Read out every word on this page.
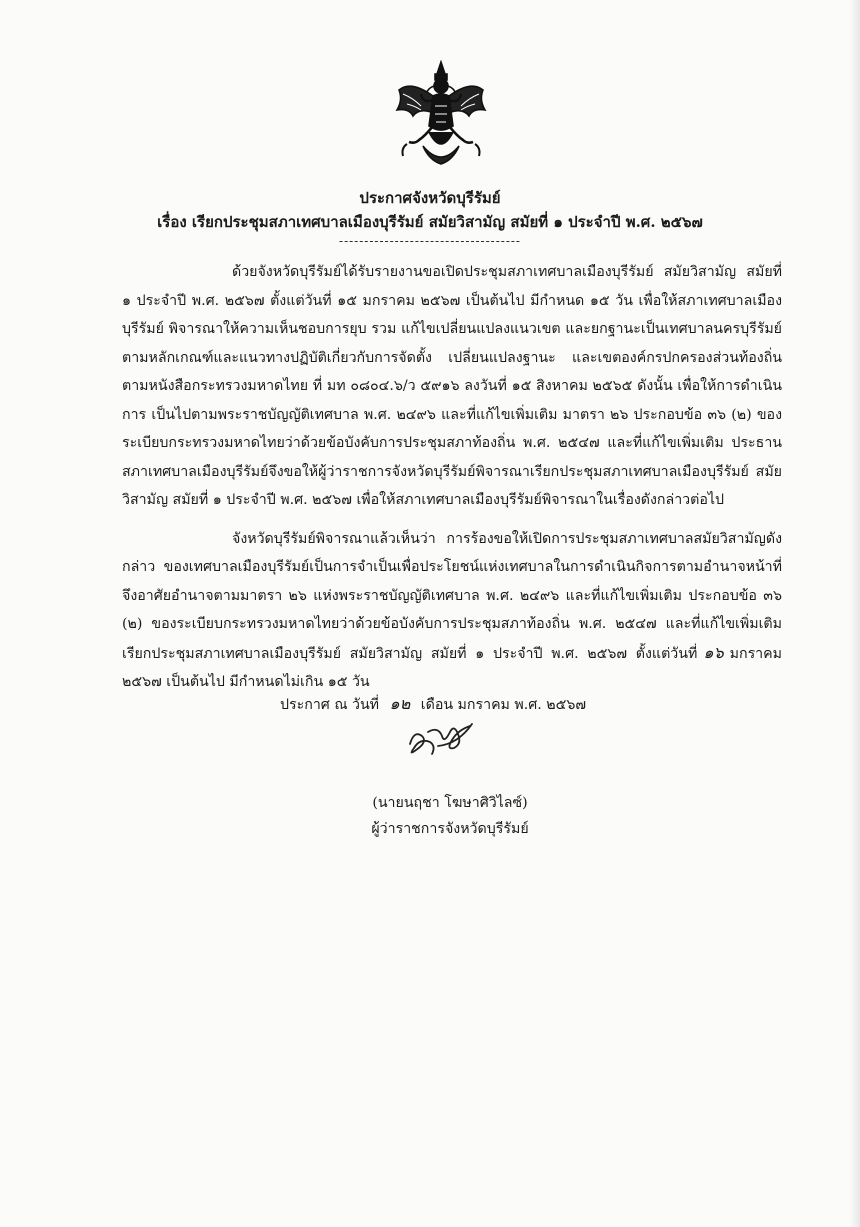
ประกาศจังหวัดบุรีรัมย์
เรื่อง เรียกประชุมสภาเทศบาลเมืองบุรีรัมย์ สมัยวิสามัญ สมัยที่ ๑ ประจำปี พ.ศ. ๒๕๖๗
------------------------------------

ด้วยจังหวัดบุรีรัมย์ได้รับรายงานขอเปิดประชุมสภาเทศบาลเมืองบุรีรัมย์ สมัยวิสามัญ สมัยที่ ๑ ประจำปี พ.ศ. ๒๕๖๗ ตั้งแต่วันที่ ๑๕ มกราคม ๒๕๖๗ เป็นต้นไป มีกำหนด ๑๕ วัน เพื่อให้สภาเทศบาลเมืองบุรีรัมย์ พิจารณาให้ความเห็นชอบการยุบ รวม แก้ไขเปลี่ยนแปลงแนวเขต และยกฐานะเป็นเทศบาลนครบุรีรัมย์ ตามหลักเกณฑ์และแนวทางปฏิบัติเกี่ยวกับการจัดตั้ง เปลี่ยนแปลงฐานะ และเขตองค์กรปกครองส่วนท้องถิ่น ตามหนังสือกระทรวงมหาดไทย ที่ มท ๐๘๐๔.๖/ว ๕๙๑๖ ลงวันที่ ๑๕ สิงหาคม ๒๕๖๕ ดังนั้น เพื่อให้การดำเนินการ เป็นไปตามพระราชบัญญัติเทศบาล พ.ศ. ๒๔๙๖ และที่แก้ไขเพิ่มเติม มาตรา ๒๖ ประกอบข้อ ๓๖ (๒) ของระเบียบกระทรวงมหาดไทยว่าด้วยข้อบังคับการประชุมสภาท้องถิ่น พ.ศ. ๒๕๔๗ และที่แก้ไขเพิ่มเติม ประธานสภาเทศบาลเมืองบุรีรัมย์จึงขอให้ผู้ว่าราชการจังหวัดบุรีรัมย์พิจารณาเรียกประชุมสภาเทศบาลเมืองบุรีรัมย์ สมัยวิสามัญ สมัยที่ ๑ ประจำปี พ.ศ. ๒๕๖๗ เพื่อให้สภาเทศบาลเมืองบุรีรัมย์พิจารณาในเรื่องดังกล่าวต่อไป

จังหวัดบุรีรัมย์พิจารณาแล้วเห็นว่า การร้องขอให้เปิดการประชุมสภาเทศบาลสมัยวิสามัญดังกล่าว ของเทศบาลเมืองบุรีรัมย์เป็นการจำเป็นเพื่อประโยชน์แห่งเทศบาลในการดำเนินกิจการตามอำนาจหน้าที่ จึงอาศัยอำนาจตามมาตรา ๒๖ แห่งพระราชบัญญัติเทศบาล พ.ศ. ๒๔๙๖ และที่แก้ไขเพิ่มเติม ประกอบข้อ ๓๖ (๒) ของระเบียบกระทรวงมหาดไทยว่าด้วยข้อบังคับการประชุมสภาท้องถิ่น พ.ศ. ๒๕๔๗ และที่แก้ไขเพิ่มเติม เรียกประชุมสภาเทศบาลเมืองบุรีรัมย์ สมัยวิสามัญ สมัยที่ ๑ ประจำปี พ.ศ. ๒๕๖๗ ตั้งแต่วันที่ ๑๖ มกราคม ๒๕๖๗ เป็นต้นไป มีกำหนดไม่เกิน ๑๕ วัน

ประกาศ ณ วันที่ ๑๒ เดือน มกราคม พ.ศ. ๒๕๖๗
(นายนฤชา โฆษาศิวิไลซ์)
ผู้ว่าราชการจังหวัดบุรีรัมย์
